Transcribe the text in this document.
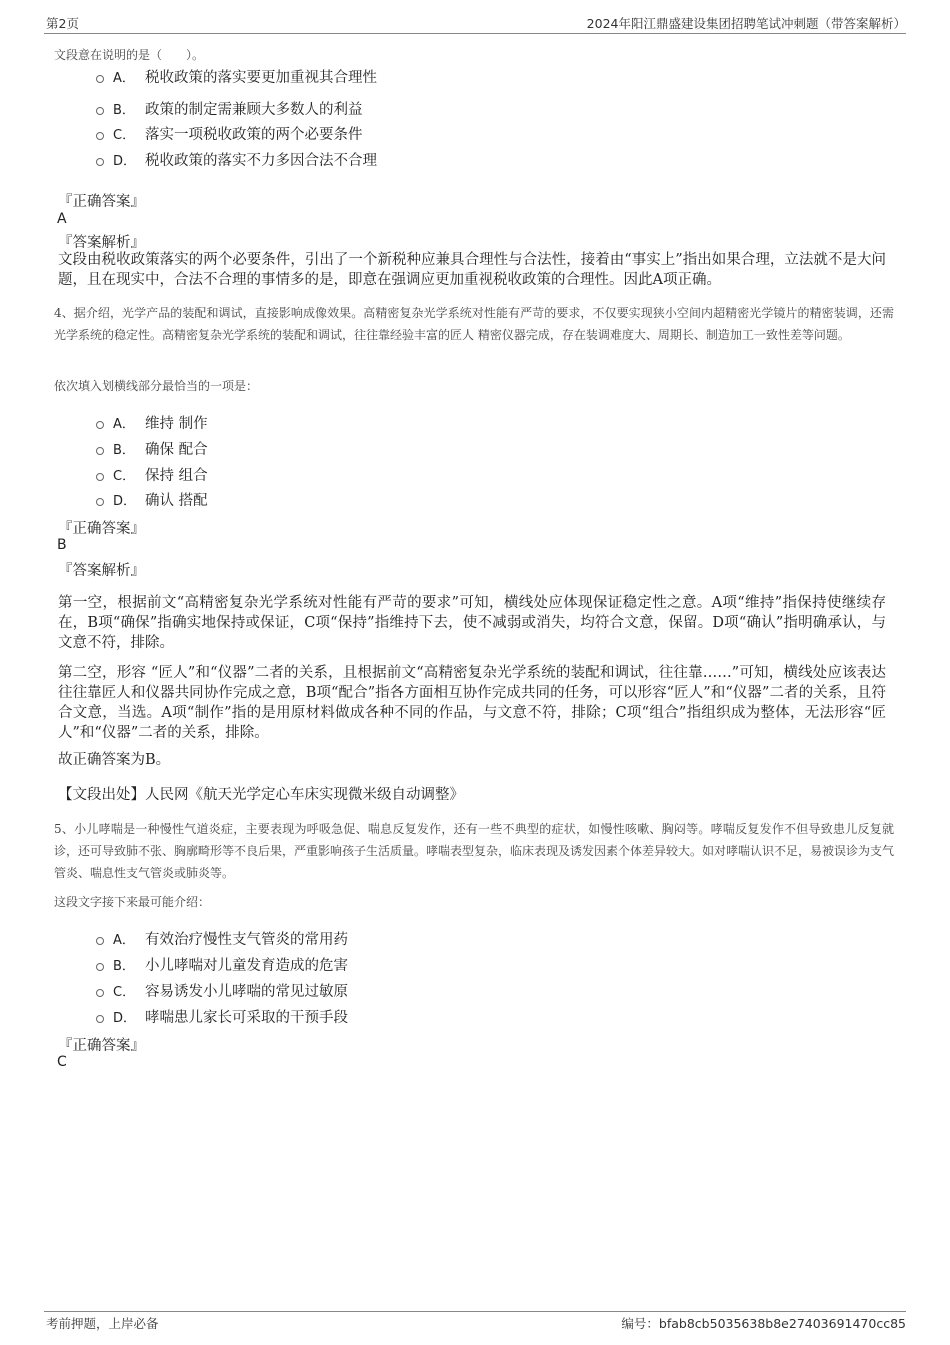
第2页	2024年阳江鼎盛建设集团招聘笔试冲刺题（带答案解析）
文段意在说明的是（　　）。
A． 税收政策的落实要更加重视其合理性
B． 政策的制定需兼顾大多数人的利益
C． 落实一项税收政策的两个必要条件
D． 税收政策的落实不力多因合法不合理
『正确答案』
A
『答案解析』

文段由税收政策落实的两个必要条件，引出了一个新税种应兼具合理性与合法性，接着由“事实上”指出如果合理，立法就不是大问题，且在现实中，合法不合理的事情多的是，即意在强调应更加重视税收政策的合理性。因此A项正确。

4、据介绍，光学产品的装配和调试，直接影响成像效果。高精密复杂光学系统对性能有严苛的要求，不仅要实现狭小空间内超精密光学镜片的精密装调，还需 光学系统的稳定性。高精密复杂光学系统的装配和调试，往往靠经验丰富的匠人 精密仪器完成，存在装调难度大、周期长、制造加工一致性差等问题。

依次填入划横线部分最恰当的一项是：
A． 维持 制作
B． 确保 配合
C． 保持 组合
D． 确认 搭配
『正确答案』
B
『答案解析』

第一空，根据前文“高精密复杂光学系统对性能有严苛的要求”可知，横线处应体现保证稳定性之意。A项“维持”指保持使继续存在，B项“确保”指确实地保持或保证，C项“保持”指维持下去，使不减弱或消失，均符合文意，保留。D项“确认”指明确承认，与文意不符，排除。

第二空，形容 “匠人”和“仪器”二者的关系，且根据前文“高精密复杂光学系统的装配和调试，往往靠……”可知，横线处应该表达往往靠匠人和仪器共同协作完成之意，B项“配合”指各方面相互协作完成共同的任务，可以形容“匠人”和“仪器”二者的关系，且符合文意，当选。A项“制作”指的是用原材料做成各种不同的作品，与文意不符，排除；C项“组合”指组织成为整体，无法形容“匠人”和“仪器”二者的关系，排除。

故正确答案为B。
【文段出处】人民网《航天光学定心车床实现微米级自动调整》

5、小儿哮喘是一种慢性气道炎症，主要表现为呼吸急促、喘息反复发作，还有一些不典型的症状，如慢性咳嗽、胸闷等。哮喘反复发作不但导致患儿反复就诊，还可导致肺不张、胸廓畸形等不良后果，严重影响孩子生活质量。哮喘表型复杂，临床表现及诱发因素个体差异较大。如对哮喘认识不足，易被误诊为支气管炎、喘息性支气管炎或肺炎等。

这段文字接下来最可能介绍：
A． 有效治疗慢性支气管炎的常用药
B． 小儿哮喘对儿童发育造成的危害
C． 容易诱发小儿哮喘的常见过敏原
D． 哮喘患儿家长可采取的干预手段
『正确答案』
C
考前押题，上岸必备	编号：bfab8cb5035638b8e27403691470cc85
